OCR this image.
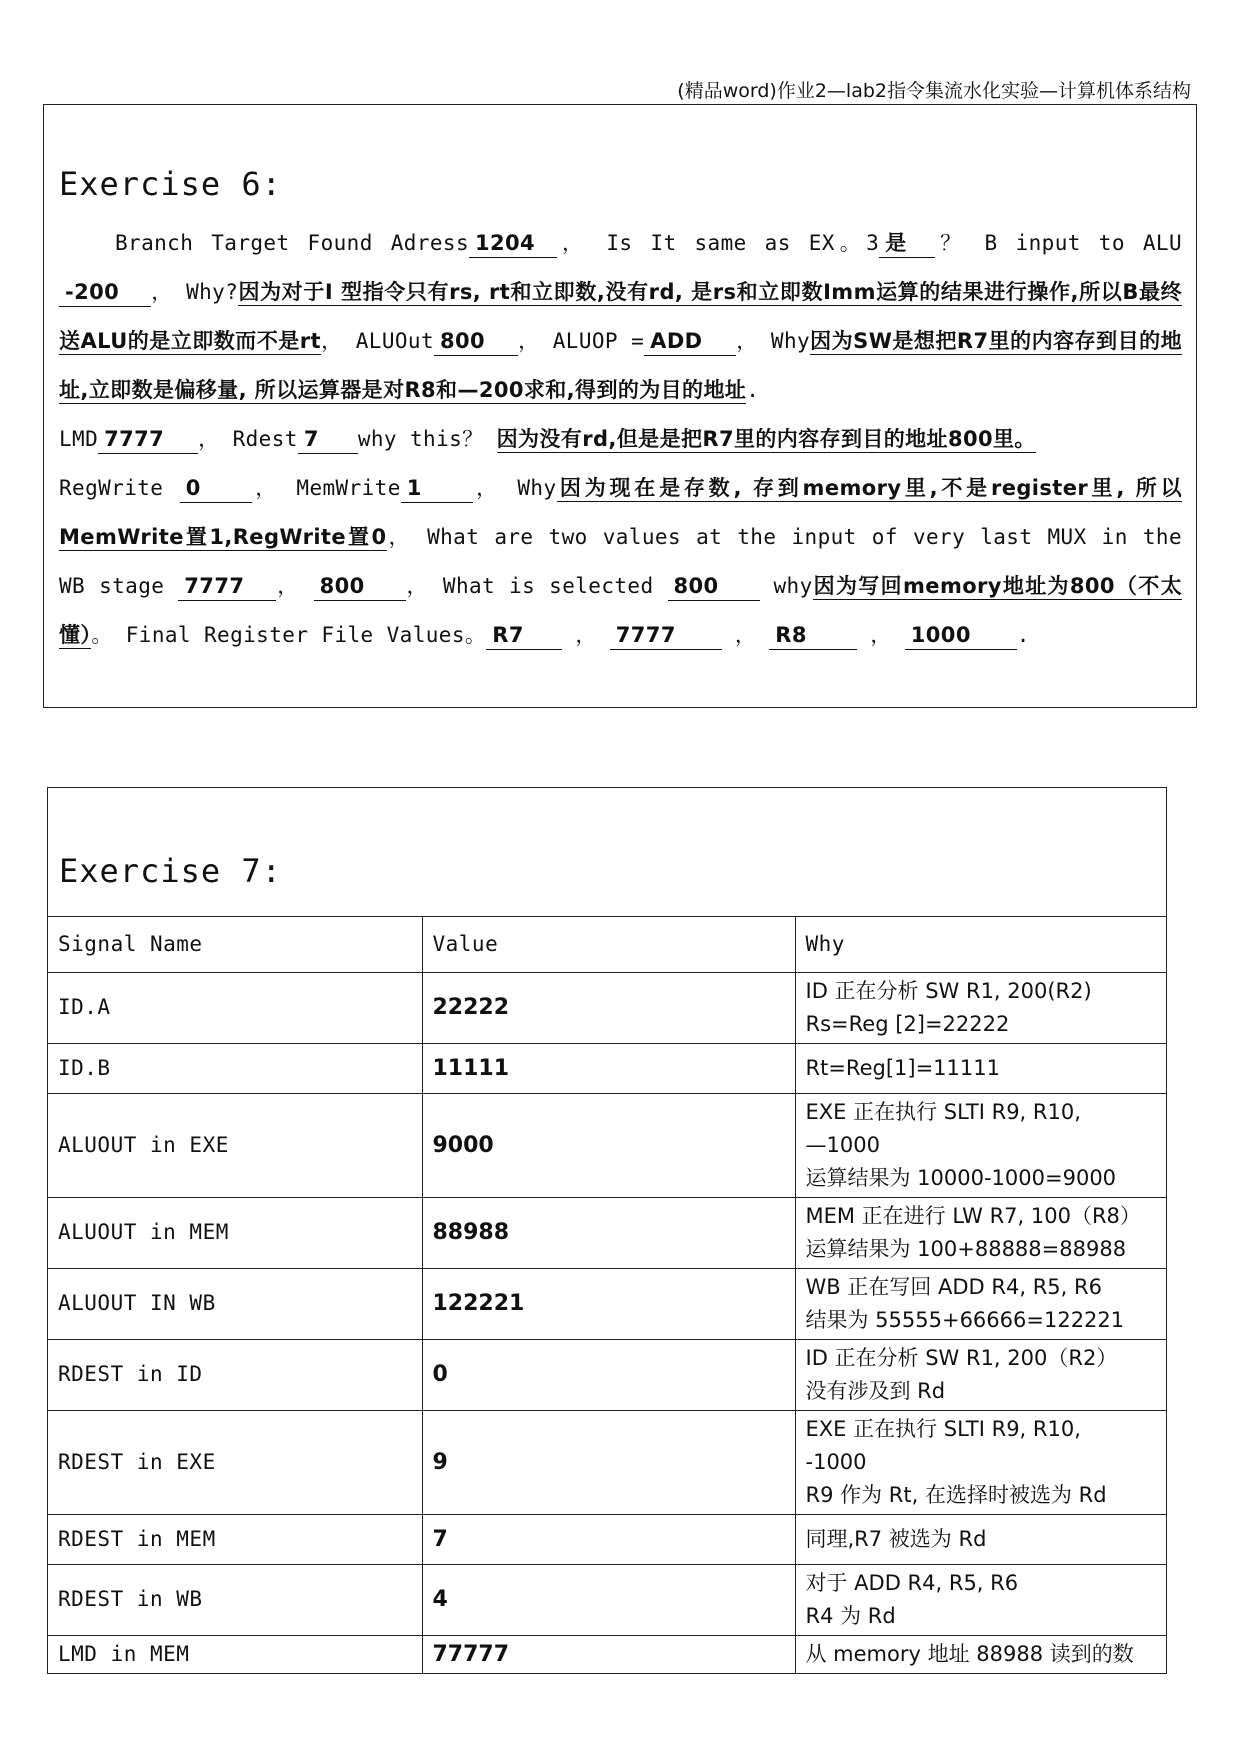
(精品word)作业2—lab2指令集流水化实验—计算机体系结构
Exercise 6:
Branch Target Found Adress 1204 ， Is It same as EX。3 是 ？ B input to ALU-200 ， Why?因为对于I 型指令只有rs, rt和立即数,没有rd, 是rs和立即数Imm运算的结果进行操作,所以B最终送ALU的是立即数而不是rt， ALUOut 800 ， ALUOP = ADD ， Why因为SW是想把R7里的内容存到目的地址,立即数是偏移量, 所以运算器是对R8和—200求和,得到的为目的地址.
LMD 7777 ， Rdest 7 why this？ 因为没有rd,但是是把R7里的内容存到目的地址800里。
RegWrite 0 ， MemWrite 1 ， Why因为现在是存数, 存到memory里,不是register里, 所以MemWrite置1,RegWrite置0， What are two values at the input of very last MUX in the WB stage 7777 ， 800 ， What is selected 800	why因为写回memory地址为800（不太懂）。 Final Register File Values。 R7 ， 7777	， R8	， 1000 .
Exercise 7:
Signal Name	Value	Why
ID.A	22222	ID 正在分析 SW R1, 200(R2)
Rs=Reg [2]=22222
ID.B	11111	Rt=Reg[1]=11111
ALUOUT in EXE	9000	EXE 正在执行 SLTI R9, R10,
—1000
运算结果为 10000-1000=9000
ALUOUT in MEM	88988	MEM 正在进行 LW R7, 100（R8）
运算结果为 100+88888=88988
ALUOUT IN WB	122221	WB 正在写回 ADD R4, R5, R6
结果为 55555+66666=122221
RDEST in ID	0	ID 正在分析 SW R1, 200（R2）
没有涉及到 Rd
RDEST in EXE	9	EXE 正在执行 SLTI R9, R10,
-1000
R9 作为 Rt, 在选择时被选为 Rd
RDEST in MEM	7	同理,R7 被选为 Rd
RDEST in WB	4	对于 ADD R4, R5, R6
R4 为 Rd
LMD in MEM	77777	从 memory 地址 88988 读到的数
